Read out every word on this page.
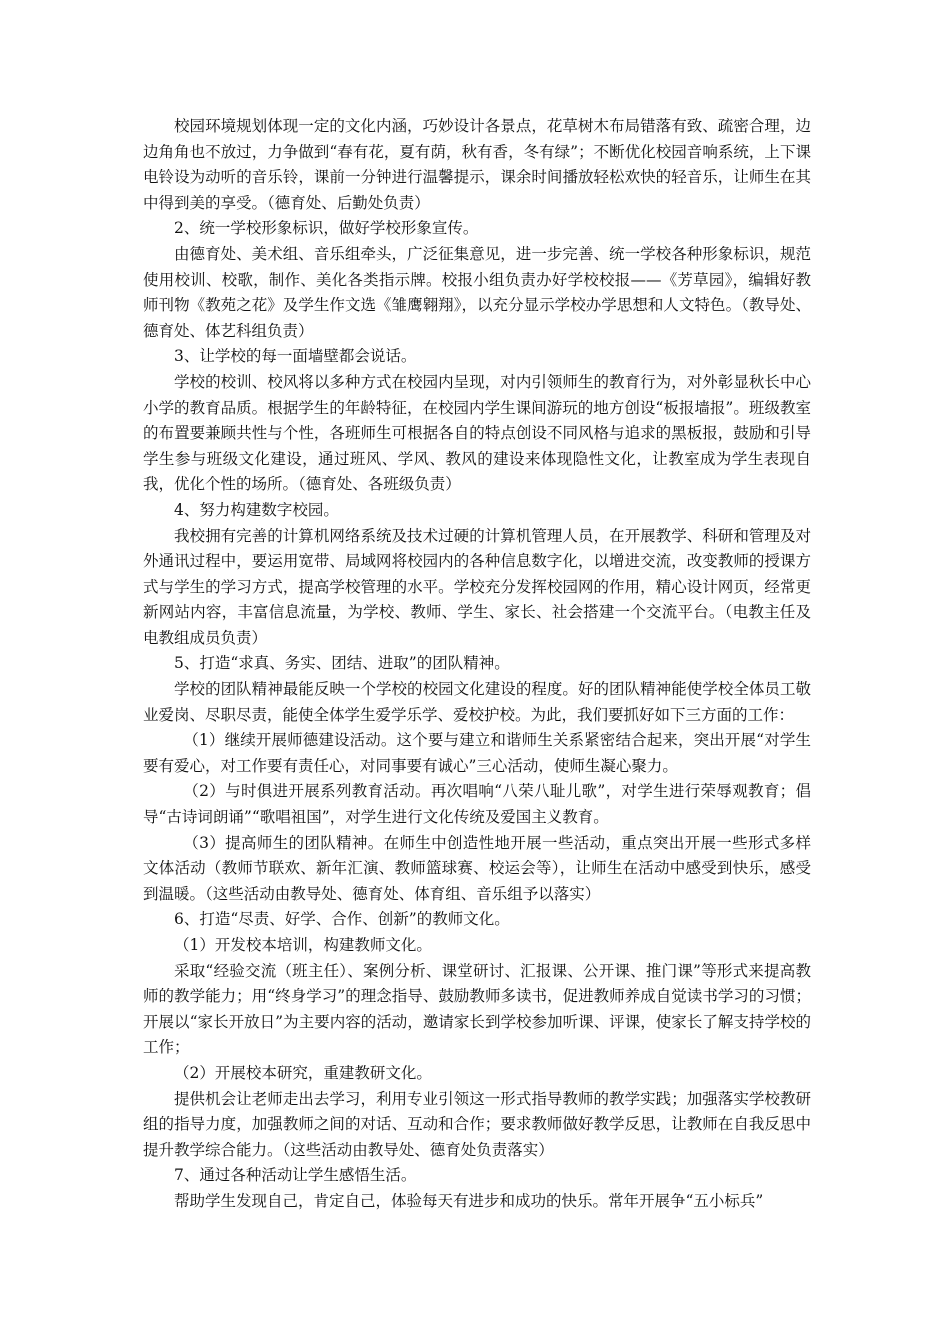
校园环境规划体现一定的文化内涵，巧妙设计各景点，花草树木布局错落有致、疏密合理，边边角角也不放过，力争做到“春有花，夏有荫，秋有香，冬有绿”；不断优化校园音响系统，上下课电铃设为动听的音乐铃，课前一分钟进行温馨提示，课余时间播放轻松欢快的轻音乐，让师生在其中得到美的享受。（德育处、后勤处负责）

2、统一学校形象标识，做好学校形象宣传。

由德育处、美术组、音乐组牵头，广泛征集意见，进一步完善、统一学校各种形象标识，规范使用校训、校歌，制作、美化各类指示牌。校报小组负责办好学校校报——《芳草园》，编辑好教师刊物《教苑之花》及学生作文选《雏鹰翱翔》，以充分显示学校办学思想和人文特色。（教导处、德育处、体艺科组负责）

3、让学校的每一面墙壁都会说话。

学校的校训、校风将以多种方式在校园内呈现，对内引领师生的教育行为，对外彰显秋长中心小学的教育品质。根据学生的年龄特征，在校园内学生课间游玩的地方创设“板报墙报”。班级教室的布置要兼顾共性与个性，各班师生可根据各自的特点创设不同风格与追求的黑板报，鼓励和引导学生参与班级文化建设，通过班风、学风、教风的建设来体现隐性文化，让教室成为学生表现自我，优化个性的场所。（德育处、各班级负责）

4、努力构建数字校园。

我校拥有完善的计算机网络系统及技术过硬的计算机管理人员，在开展教学、科研和管理及对外通讯过程中，要运用宽带、局域网将校园内的各种信息数字化，以增进交流，改变教师的授课方式与学生的学习方式，提高学校管理的水平。学校充分发挥校园网的作用，精心设计网页，经常更新网站内容，丰富信息流量，为学校、教师、学生、家长、社会搭建一个交流平台。（电教主任及电教组成员负责）

5、打造“求真、务实、团结、进取”的团队精神。

学校的团队精神最能反映一个学校的校园文化建设的程度。好的团队精神能使学校全体员工敬业爱岗、尽职尽责，能使全体学生爱学乐学、爱校护校。为此，我们要抓好如下三方面的工作：

（1）继续开展师德建设活动。这个要与建立和谐师生关系紧密结合起来，突出开展“对学生要有爱心，对工作要有责任心，对同事要有诚心”三心活动，使师生凝心聚力。

（2）与时俱进开展系列教育活动。再次唱响“八荣八耻儿歌”，对学生进行荣辱观教育；倡导“古诗词朗诵”“歌唱祖国”，对学生进行文化传统及爱国主义教育。

（3）提高师生的团队精神。在师生中创造性地开展一些活动，重点突出开展一些形式多样文体活动（教师节联欢、新年汇演、教师篮球赛、校运会等），让师生在活动中感受到快乐，感受到温暖。（这些活动由教导处、德育处、体育组、音乐组予以落实）

6、打造“尽责、好学、合作、创新”的教师文化。

（1）开发校本培训，构建教师文化。

采取“经验交流（班主任）、案例分析、课堂研讨、汇报课、公开课、推门课”等形式来提高教师的教学能力；用“终身学习”的理念指导、鼓励教师多读书，促进教师养成自觉读书学习的习惯；开展以“家长开放日”为主要内容的活动，邀请家长到学校参加听课、评课，使家长了解支持学校的工作；

（2）开展校本研究，重建教研文化。

提供机会让老师走出去学习，利用专业引领这一形式指导教师的教学实践；加强落实学校教研组的指导力度，加强教师之间的对话、互动和合作；要求教师做好教学反思，让教师在自我反思中提升教学综合能力。（这些活动由教导处、德育处负责落实）

7、通过各种活动让学生感悟生活。

帮助学生发现自己，肯定自己，体验每天有进步和成功的快乐。常年开展争“五小标兵”
